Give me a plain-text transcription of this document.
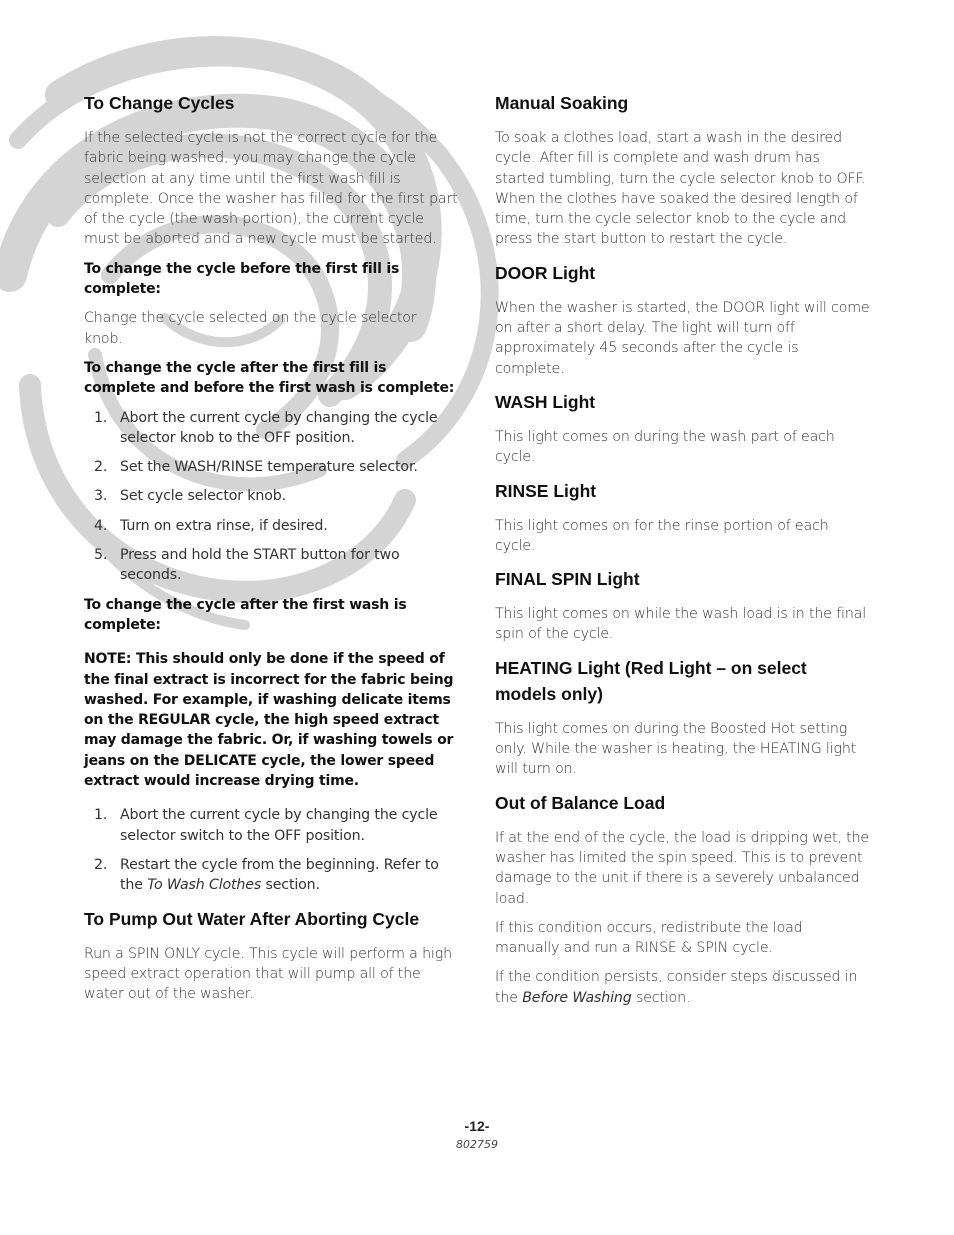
To Change Cycles

If the selected cycle is not the correct cycle for the fabric being washed, you may change the cycle selection at any time until the first wash fill is complete. Once the washer has filled for the first part of the cycle (the wash portion), the current cycle must be aborted and a new cycle must be started.

To change the cycle before the first fill is complete:

Change the cycle selected on the cycle selector knob.

To change the cycle after the first fill is complete and before the first wash is complete:

1. Abort the current cycle by changing the cycle selector knob to the OFF position.
2. Set the WASH/RINSE temperature selector.
3. Set cycle selector knob.
4. Turn on extra rinse, if desired.
5. Press and hold the START button for two seconds.

To change the cycle after the first wash is complete:

NOTE: This should only be done if the speed of the final extract is incorrect for the fabric being washed. For example, if washing delicate items on the REGULAR cycle, the high speed extract may damage the fabric. Or, if washing towels or jeans on the DELICATE cycle, the lower speed extract would increase drying time.

1. Abort the current cycle by changing the cycle selector switch to the OFF position.
2. Restart the cycle from the beginning. Refer to the To Wash Clothes section.
To Pump Out Water After Aborting Cycle

Run a SPIN ONLY cycle. This cycle will perform a high speed extract operation that will pump all of the water out of the washer.

Manual Soaking

To soak a clothes load, start a wash in the desired cycle. After fill is complete and wash drum has started tumbling, turn the cycle selector knob to OFF. When the clothes have soaked the desired length of time, turn the cycle selector knob to the cycle and press the start button to restart the cycle.

DOOR Light

When the washer is started, the DOOR light will come on after a short delay. The light will turn off approximately 45 seconds after the cycle is complete.

WASH Light

This light comes on during the wash part of each cycle.

RINSE Light

This light comes on for the rinse portion of each cycle.

FINAL SPIN Light

This light comes on while the wash load is in the final spin of the cycle.

HEATING Light (Red Light – on select models only)

This light comes on during the Boosted Hot setting only. While the washer is heating, the HEATING light will turn on.

Out of Balance Load

If at the end of the cycle, the load is dripping wet, the washer has limited the spin speed. This is to prevent damage to the unit if there is a severely unbalanced load.

If this condition occurs, redistribute the load manually and run a RINSE & SPIN cycle.

If the condition persists, consider steps discussed in the Before Washing section.

-12-
802759
